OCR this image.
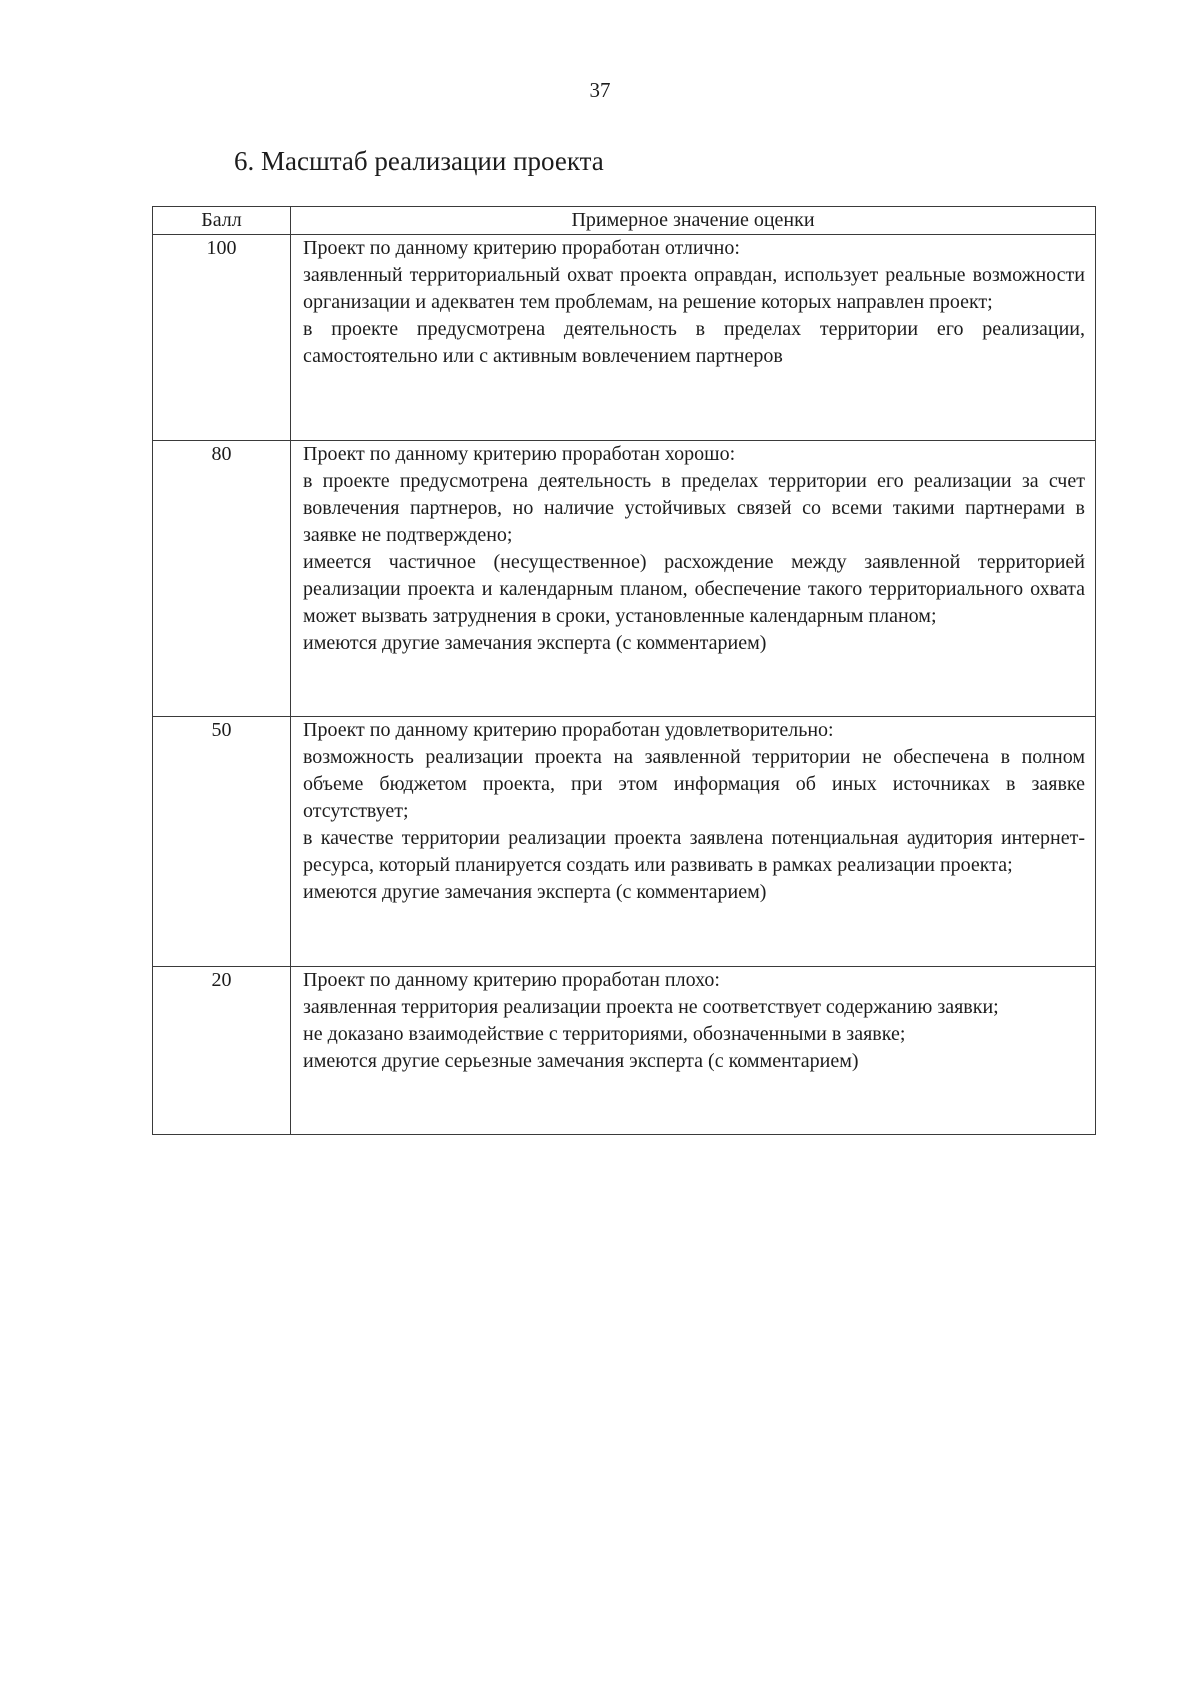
37
6. Масштаб реализации проекта
Балл	Примерное значение оценки
100	Проект по данному критерию проработан отлично:
заявленный территориальный охват проекта оправдан, использует реальные возможности организации и адекватен тем проблемам, на решение которых направлен проект;
в проекте предусмотрена деятельность в пределах территории его реализации, самостоятельно или с активным вовлечением партнеров

80	Проект по данному критерию проработан хорошо:
в проекте предусмотрена деятельность в пределах территории его реализации за счет вовлечения партнеров, но наличие устойчивых связей со всеми такими партнерами в заявке не подтверждено;
имеется частичное (несущественное) расхождение между заявленной территорией реализации проекта и календарным планом, обеспечение такого территориального охвата может вызвать затруднения в сроки, установленные календарным планом;
имеются другие замечания эксперта (с комментарием)

50	Проект по данному критерию проработан удовлетворительно:
возможность реализации проекта на заявленной территории не обеспечена в полном объеме бюджетом проекта, при этом информация об иных источниках в заявке отсутствует;
в качестве территории реализации проекта заявлена потенциальная аудитория интернет-ресурса, который планируется создать или развивать в рамках реализации проекта;
имеются другие замечания эксперта (с комментарием)

20	Проект по данному критерию проработан плохо:
заявленная территория реализации проекта не соответствует содержанию заявки;
не доказано взаимодействие с территориями, обозначенными в заявке;
имеются другие серьезные замечания эксперта (с комментарием)
